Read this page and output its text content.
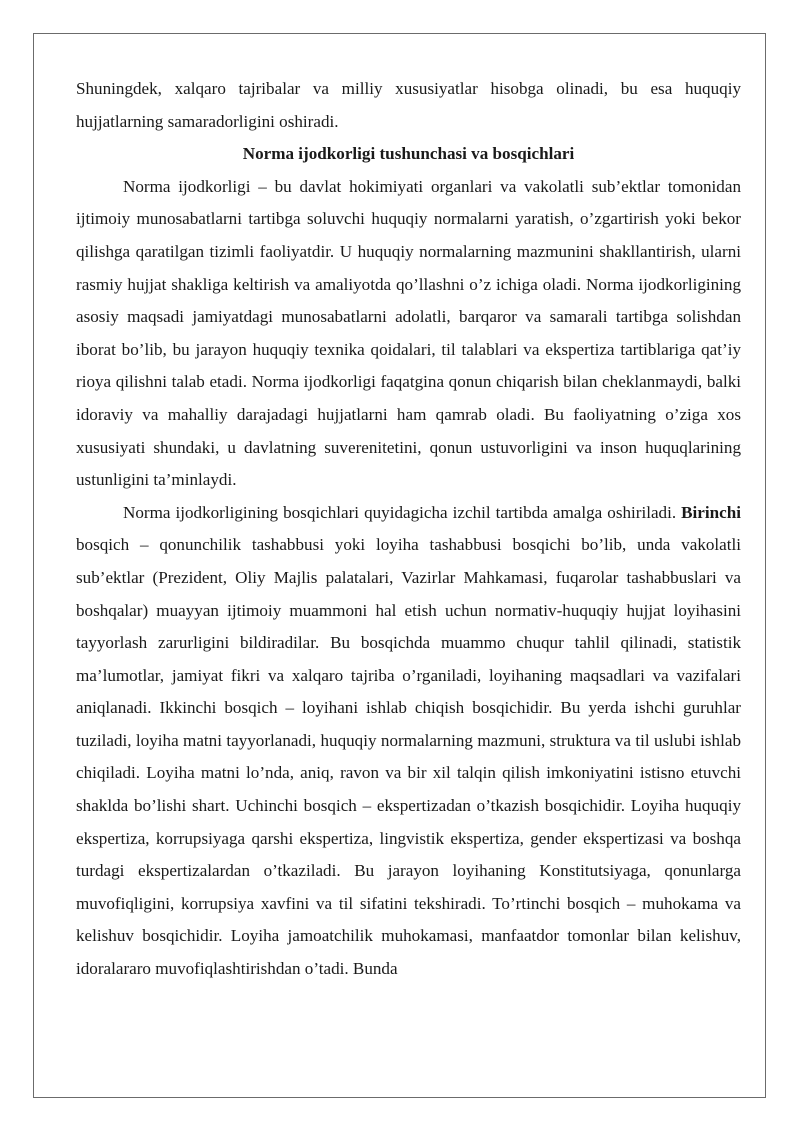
Shuningdek, xalqaro tajribalar va milliy xususiyatlar hisobga olinadi, bu esa huquqiy hujjatlarning samaradorligini oshiradi.

Norma ijodkorligi tushunchasi va bosqichlari

Norma ijodkorligi – bu davlat hokimiyati organlari va vakolatli sub’ektlar tomonidan ijtimoiy munosabatlarni tartibga soluvchi huquqiy normalarni yaratish, o’zgartirish yoki bekor qilishga qaratilgan tizimli faoliyatdir. U huquqiy normalarning mazmunini shakllantirish, ularni rasmiy hujjat shakliga keltirish va amaliyotda qo’llashni o’z ichiga oladi. Norma ijodkorligining asosiy maqsadi jamiyatdagi munosabatlarni adolatli, barqaror va samarali tartibga solishdan iborat bo’lib, bu jarayon huquqiy texnika qoidalari, til talablari va ekspertiza tartiblariga qat’iy rioya qilishni talab etadi. Norma ijodkorligi faqatgina qonun chiqarish bilan cheklanmaydi, balki idoraviy va mahalliy darajadagi hujjatlarni ham qamrab oladi. Bu faoliyatning o’ziga xos xususiyati shundaki, u davlatning suverenitetini, qonun ustuvorligini va inson huquqlarining ustunligini ta’minlaydi.

Norma ijodkorligining bosqichlari quyidagicha izchil tartibda amalga oshiriladi. Birinchi bosqich – qonunchilik tashabbusi yoki loyiha tashabbusi bosqichi bo’lib, unda vakolatli sub’ektlar (Prezident, Oliy Majlis palatalari, Vazirlar Mahkamasi, fuqarolar tashabbuslari va boshqalar) muayyan ijtimoiy muammoni hal etish uchun normativ-huquqiy hujjat loyihasini tayyorlash zarurligini bildiradilar. Bu bosqichda muammo chuqur tahlil qilinadi, statistik ma’lumotlar, jamiyat fikri va xalqaro tajriba o’rganiladi, loyihaning maqsadlari va vazifalari aniqlanadi. Ikkinchi bosqich – loyihani ishlab chiqish bosqichidir. Bu yerda ishchi guruhlar tuziladi, loyiha matni tayyorlanadi, huquqiy normalarning mazmuni, struktura va til uslubi ishlab chiqiladi. Loyiha matni lo’nda, aniq, ravon va bir xil talqin qilish imkoniyatini istisno etuvchi shaklda bo’lishi shart. Uchinchi bosqich – ekspertizadan o’tkazish bosqichidir. Loyiha huquqiy ekspertiza, korrupsiyaga qarshi ekspertiza, lingvistik ekspertiza, gender ekspertizasi va boshqa turdagi ekspertizalardan o’tkaziladi. Bu jarayon loyihaning Konstitutsiyaga, qonunlarga muvofiqligini, korrupsiya xavfini va til sifatini tekshiradi. To’rtinchi bosqich – muhokama va kelishuv bosqichidir. Loyiha jamoatchilik muhokamasi, manfaatdor tomonlar bilan kelishuv, idoralararo muvofiqlashtirishdan o’tadi. Bunda
